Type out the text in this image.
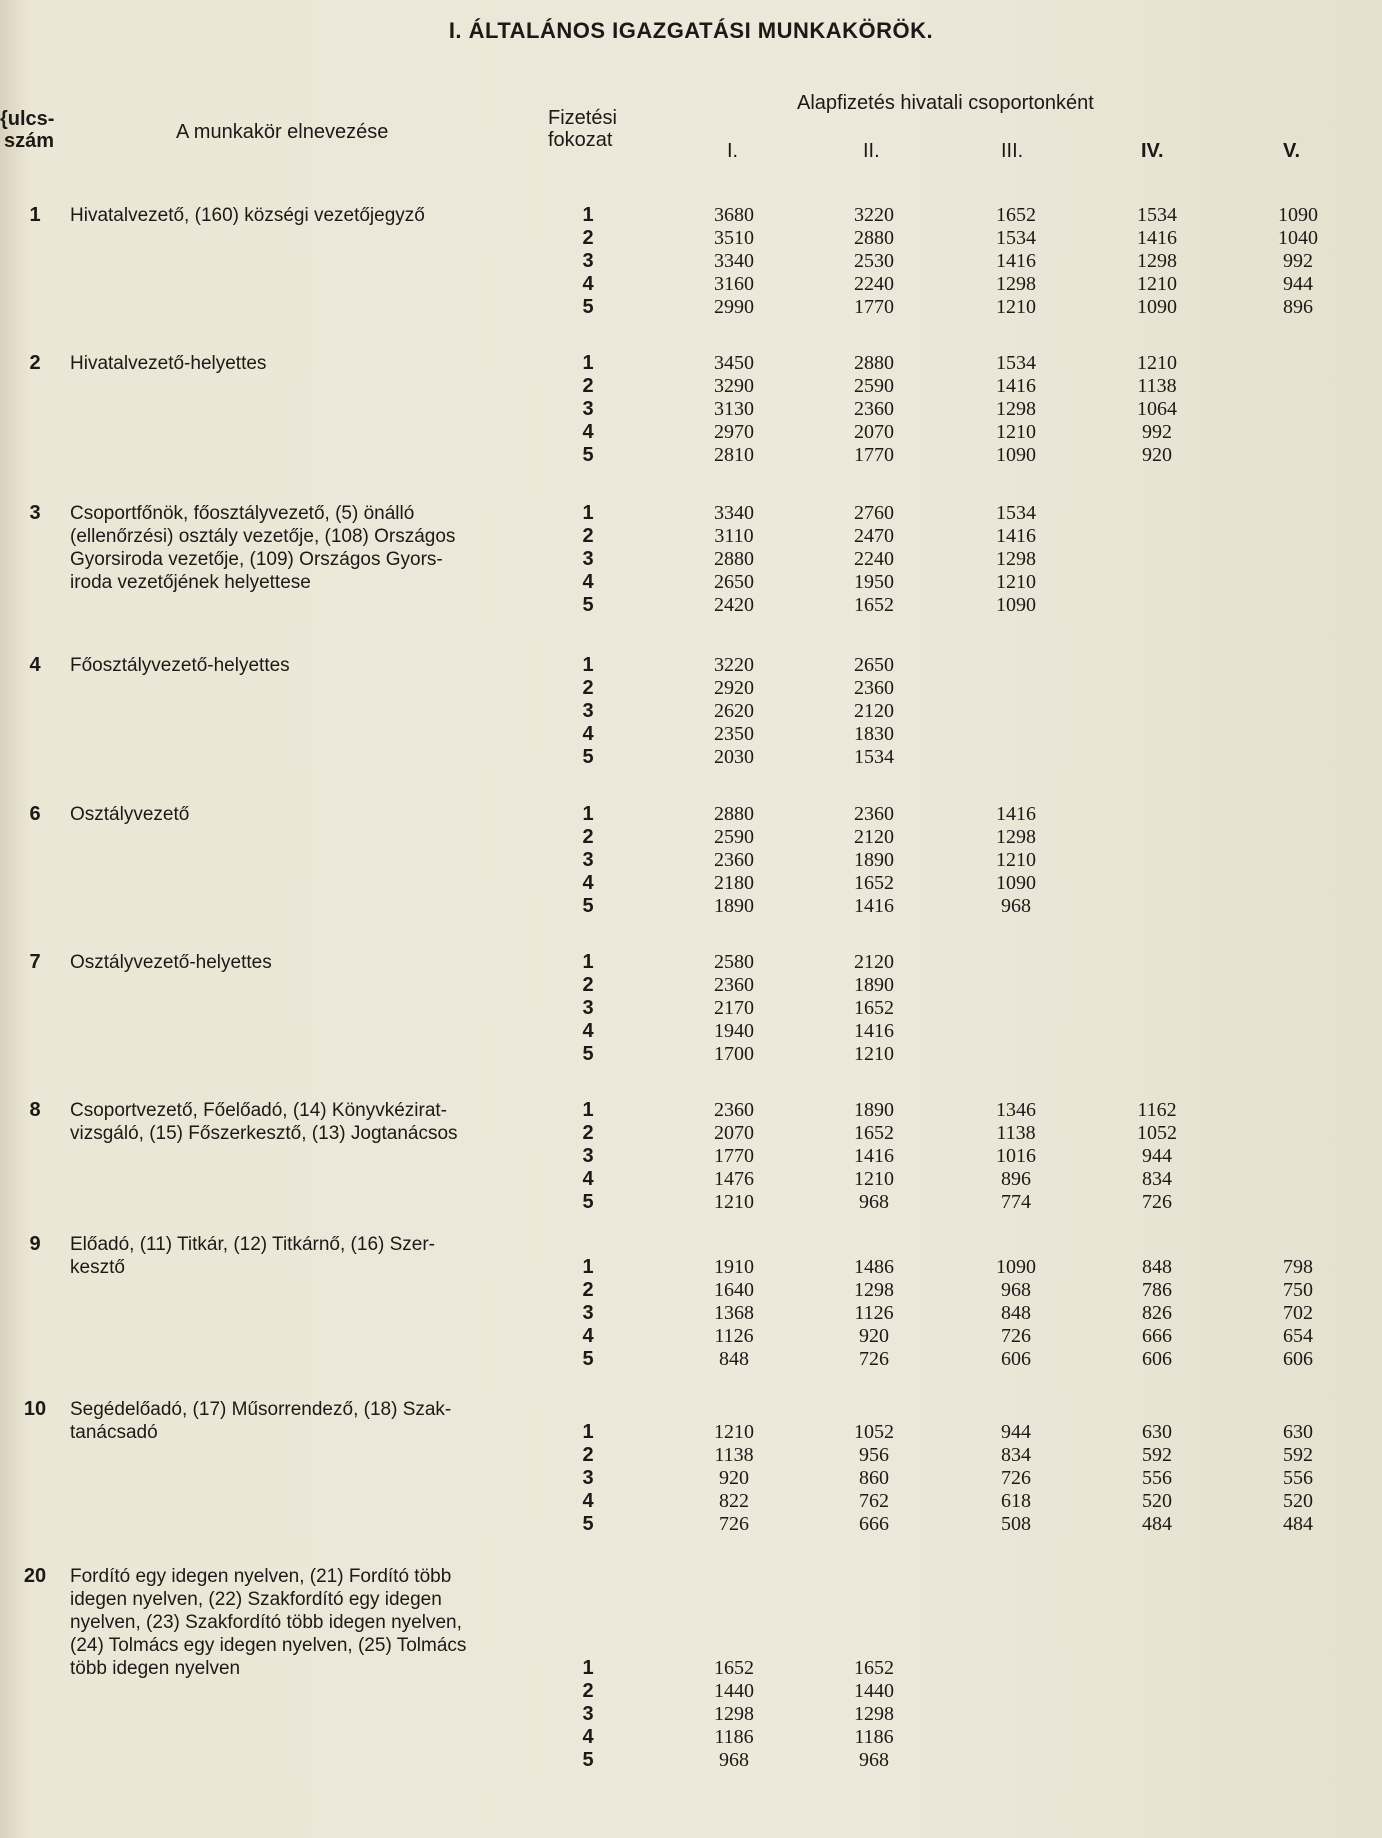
I. ÁLTALÁNOS IGAZGATÁSI MUNKAKÖRÖK.
{ulcs-
szám	A munkakör elnevezése
Fizetési
fokozat
Alapfizetés hivatali csoportonként
I.	II.	III.	IV.	V.
1	Hivatalvezető, (160) községi vezetőjegyző	1	3680	3220	1652	1534	1090
2	3510	2880	1534	1416	1040
3	3340	2530	1416	1298	992
4	3160	2240	1298	1210	944
5	2990	1770	1210	1090	896
2	Hivatalvezető-helyettes	1	3450	2880	1534	1210
2	3290	2590	1416	1138
3	3130	2360	1298	1064
4	2970	2070	1210	992
5	2810	1770	1090	920
3	Csoportfőnök, főosztályvezető, (5) önálló
(ellenőrzési) osztály vezetője, (108) Országos
Gyorsiroda vezetője, (109) Országos Gyors-
iroda vezetőjének helyettese
1	3340	2760	1534
2	3110	2470	1416
3	2880	2240	1298
4	2650	1950	1210
5	2420	1652	1090
4	Főosztályvezető-helyettes	1	3220	2650
2	2920	2360
3	2620	2120
4	2350	1830
5	2030	1534
6	Osztályvezető	1	2880	2360	1416
2	2590	2120	1298
3	2360	1890	1210
4	2180	1652	1090
5	1890	1416	968
7	Osztályvezető-helyettes	1	2580	2120
2	2360	1890
3	2170	1652
4	1940	1416
5	1700	1210
8	Csoportvezető, Főelőadó, (14) Könyvkézirat-
vizsgáló, (15) Főszerkesztő, (13) Jogtanácsos
1	2360	1890	1346	1162
2	2070	1652	1138	1052
3	1770	1416	1016	944
4	1476	1210	896	834
5	1210	968	774	726
9	Előadó, (11) Titkár, (12) Titkárnő, (16) Szer-
kesztő	1	1910	1486	1090	848	798
2	1640	1298	968	786	750
3	1368	1126	848	826	702
4	1126	920	726	666	654
5	848	726	606	606	606
10 Segédelőadó, (17) Műsorrendező, (18) Szak-
tanácsadó	1	1210	1052	944	630	630
2	1138	956	834	592	592
3	920	860	726	556	556
4	822	762	618	520	520
5	726	666	508	484	484
20 Fordító egy idegen nyelven, (21) Fordító több
idegen nyelven, (22) Szakfordító egy idegen
nyelven, (23) Szakfordító több idegen nyelven,
(24) Tolmács egy idegen nyelven, (25) Tolmács
több idegen nyelven	1	1652	1652
2	1440	1440
3	1298	1298
4	1186	1186
5	968	968
